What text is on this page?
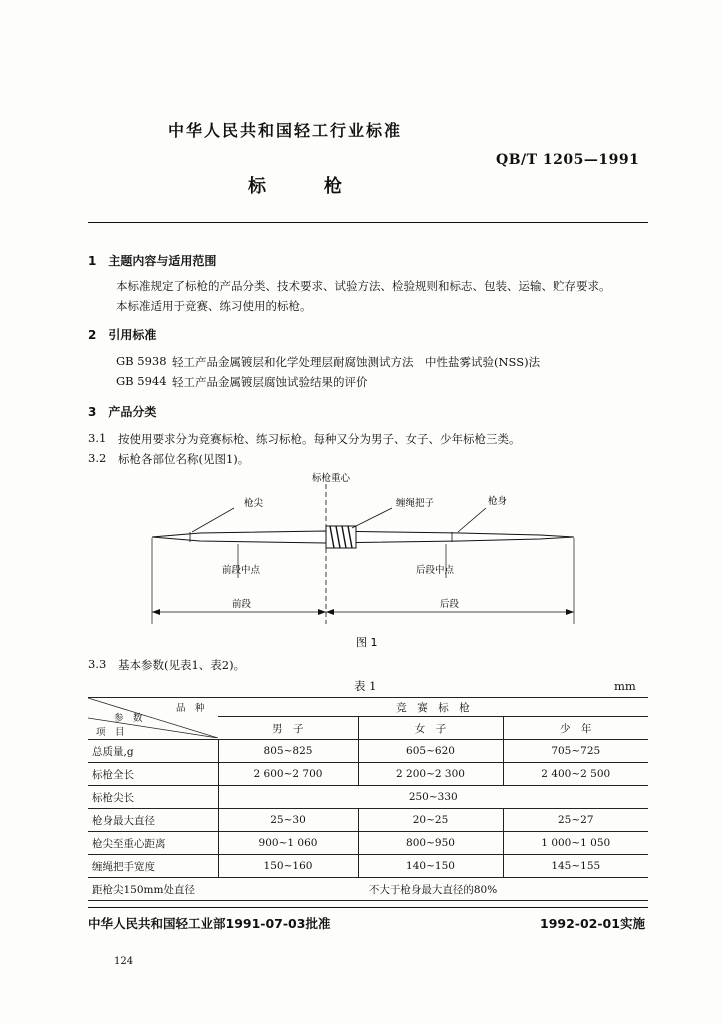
中华人民共和国轻工行业标准
QB/T 1205—1991
标枪
1　主题内容与适用范围
本标准规定了标枪的产品分类、技术要求、试验方法、检验规则和标志、包装、运输、贮存要求。
本标准适用于竞赛、练习使用的标枪。
2　引用标准
GB 5938 轻工产品金属镀层和化学处理层耐腐蚀测试方法　中性盐雾试验(NSS)法
GB 5944 轻工产品金属镀层腐蚀试验结果的评价
3　产品分类
3.1 按使用要求分为竞赛标枪、练习标枪。每种又分为男子、女子、少年标枪三类。
3.2 标枪各部位名称(见图1)。
标枪重心
枪尖	缠绳把子	枪身
前段中点	后段中点
前段	后段
图 1
3.3 基本参数(见表1、表2)。
表 1	mm
品　种
参　数
项　目	竞　赛　标　枪		
	男　子	女　子	少　年
总质量,g	805~825	605~620	705~725
标枪全长	2 600~2 700	2 200~2 300	2 400~2 500
标枪尖长	250~330		
枪身最大直径	25~30	20~25	25~27
枪尖至重心距离	900~1 060	800~950	1 000~1 050
缠绳把手宽度	150~160	140~150	145~155
距枪尖150mm处直径	不大于枪身最大直径的80%		
中华人民共和国轻工业部1991-07-03批准	1992-02-01实施
124
